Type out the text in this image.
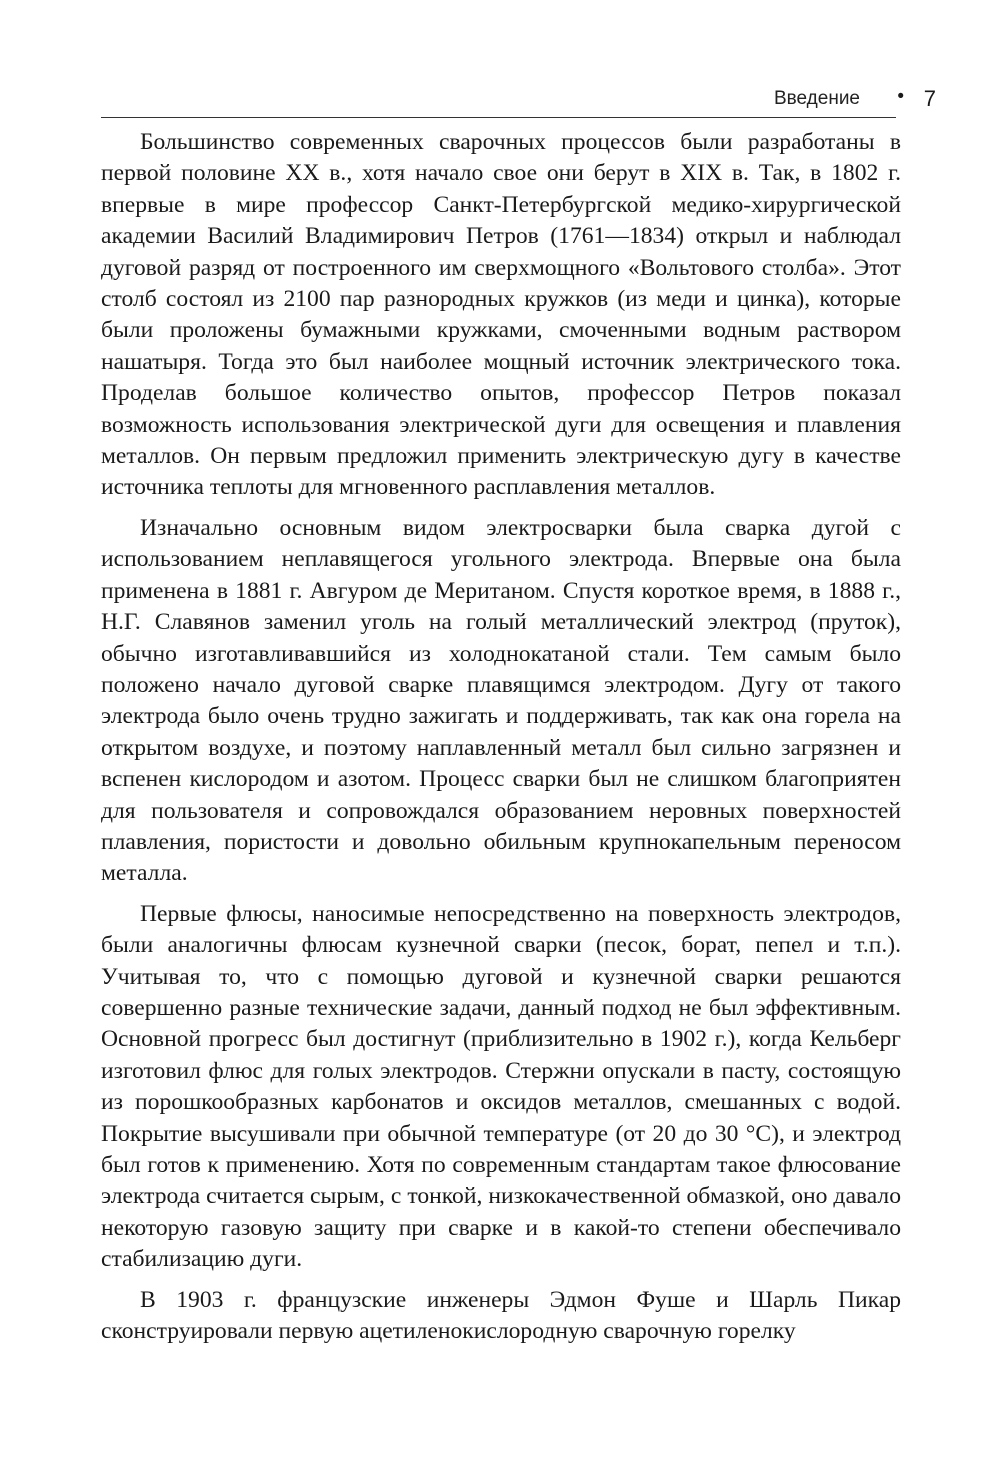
Введение • 7

Большинство современных сварочных процессов были разработаны в первой половине XX в., хотя начало свое они берут в XIX в. Так, в 1802 г. впервые в мире профессор Санкт-Петербургской медико-хирургической академии Василий Владимирович Петров (1761—1834) открыл и наблюдал дуговой разряд от построенного им сверхмощного «Вольтового столба». Этот столб состоял из 2100 пар разнородных кружков (из меди и цинка), которые были проложены бумажными кружками, смоченными водным раствором нашатыря. Тогда это был наиболее мощный источник электрического тока. Проделав большое количество опытов, профессор Петров показал возможность использования электрической дуги для освещения и плавления металлов. Он первым предложил применить электрическую дугу в качестве источника теплоты для мгновенного расплавления металлов.

Изначально основным видом электросварки была сварка дугой с использованием неплавящегося угольного электрода. Впервые она была применена в 1881 г. Авгуром де Меританом. Спустя короткое время, в 1888 г., Н.Г. Славянов заменил уголь на голый металлический электрод (пруток), обычно изготавливавшийся из холоднокатаной стали. Тем самым было положено начало дуговой сварке плавящимся электродом. Дугу от такого электрода было очень трудно зажигать и поддерживать, так как она горела на открытом воздухе, и поэтому наплавленный металл был сильно загрязнен и вспенен кислородом и азотом. Процесс сварки был не слишком благоприятен для пользователя и сопровождался образованием неровных поверхностей плавления, пористости и довольно обильным крупнокапельным переносом металла.

Первые флюсы, наносимые непосредственно на поверхность электродов, были аналогичны флюсам кузнечной сварки (песок, борат, пепел и т.п.). Учитывая то, что с помощью дуговой и кузнечной сварки решаются совершенно разные технические задачи, данный подход не был эффективным. Основной прогресс был достигнут (приблизительно в 1902 г.), когда Кельберг изготовил флюс для голых электродов. Стержни опускали в пасту, состоящую из порошкообразных карбонатов и оксидов металлов, смешанных с водой. Покрытие высушивали при обычной температуре (от 20 до 30 °С), и электрод был готов к применению. Хотя по современным стандартам такое флюсование электрода считается сырым, с тонкой, низкокачественной обмазкой, оно давало некоторую газовую защиту при сварке и в какой-то степени обеспечивало стабилизацию дуги.

В 1903 г. французские инженеры Эдмон Фуше и Шарль Пикар сконструировали первую ацетиленокислородную сварочную горелку
